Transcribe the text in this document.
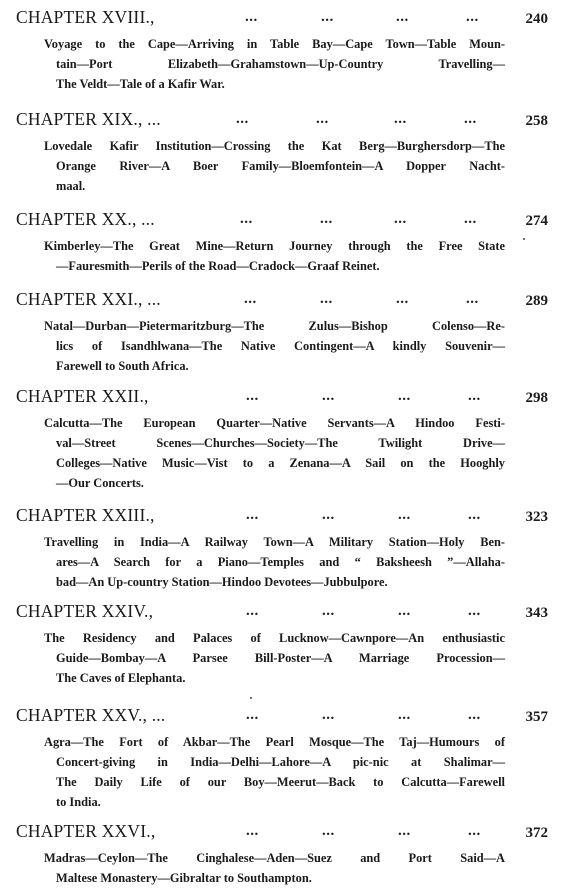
CHAPTER XVIII.,	...	...	...	...	240
Voyage to the Cape—Arriving in Table Bay—Cape Town—Table Moun-
tain—Port Elizabeth—Grahamstown—Up-Country Travelling—
The Veldt—Tale of a Kafir War.
CHAPTER XIX., ...	...	...	...	...	258
Lovedale Kafir Institution—Crossing the Kat Berg—Burghersdorp—The
Orange River—A Boer Family—Bloemfontein—A Dopper Nacht-
maal.
CHAPTER XX., ...	...	...	...	...	274
Kimberley—The Great Mine—Return Journey through the Free State
—Fauresmith—Perils of the Road—Cradock—Graaf Reinet.
CHAPTER XXI., ...	...	...	...	...	289
Natal—Durban—Pietermaritzburg—The Zulus—Bishop Colenso—Re-
lics of Isandhlwana—The Native Contingent—A kindly Souvenir—
Farewell to South Africa.
CHAPTER XXII.,	...	...	...	...	298
Calcutta—The European Quarter—Native Servants—A Hindoo Festi-
val—Street Scenes—Churches—Society—The Twilight Drive—
Colleges—Native Music—Vist to a Zenana—A Sail on the Hooghly
—Our Concerts.
CHAPTER XXIII.,	...	...	...	...	323
Travelling in India—A Railway Town—A Military Station—Holy Ben-
ares—A Search for a Piano—Temples and “ Baksheesh ”—Allaha-
bad—An Up-country Station—Hindoo Devotees—Jubbulpore.
CHAPTER XXIV.,	...	...	...	...	343
The Residency and Palaces of Lucknow—Cawnpore—An enthusiastic
Guide—Bombay—A Parsee Bill-Poster—A Marriage Procession—
The Caves of Elephanta.
CHAPTER XXV., ...	...	...	...	...	357
Agra—The Fort of Akbar—The Pearl Mosque—The Taj—Humours of
Concert-giving in India—Delhi—Lahore—A pic-nic at Shalimar—
The Daily Life of our Boy—Meerut—Back to Calcutta—Farewell
to India.
CHAPTER XXVI.,	...	...	...	...	372
Madras—Ceylon—The Cinghalese—Aden—Suez and Port Said—A
Maltese Monastery—Gibraltar to Southampton.
